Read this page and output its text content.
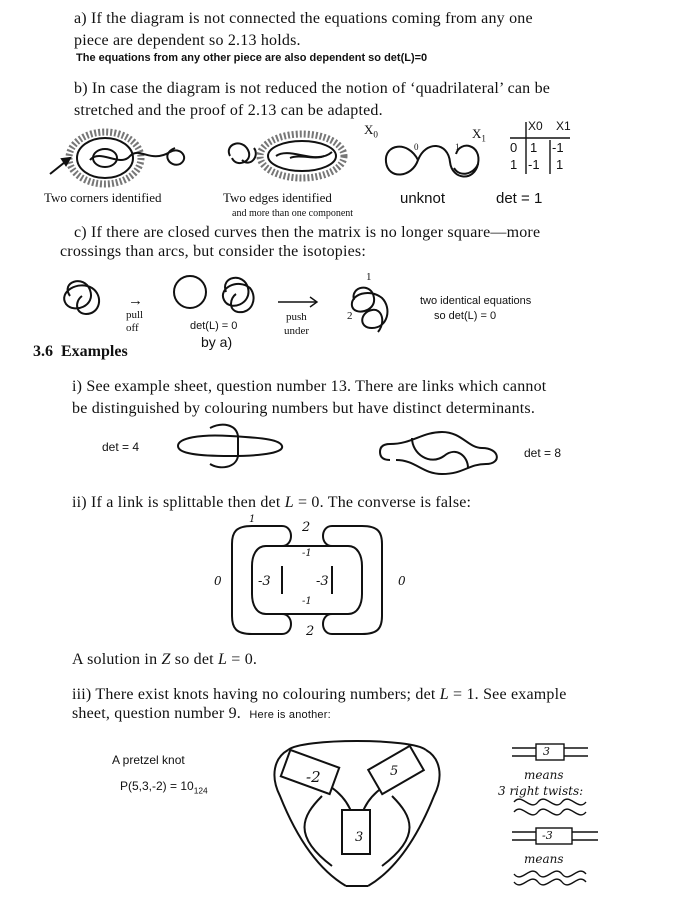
a) If the diagram is not connected the equations coming from any one
piece are dependent so 2.13 holds.
The equations from any other piece are also dependent so det(L)=0
b) In case the diagram is not reduced the notion of ‘quadrilateral’ can be
stretched and the proof of 2.13 can be adapted.
Two corners identified	Two edges identified
and more than one component
$X_0$	$X_1$
0	1
unknot
X0 X1
0 1 -1
1 -1 1
det = 1
c) If there are closed curves then the matrix is no longer square—more
crossings than arcs, but consider the isotopies:
→
pull
off	det(L) = 0
by a)
push
under
1
2
two identical equations
so det(L) = 0
3.6 Examples
i) See example sheet, question number 13. There are links which cannot
be distinguished by colouring numbers but have distinct determinants.
det = 4	det = 8
ii) If a link is splittable then det L = 0. The converse is false:
1
2
-1
-3	-3
-1
2
0	0
A solution in Z so det L = 0.
iii) There exist knots having no colouring numbers; det L = 1. See example
sheet, question number 9. Here is another:
A pretzel knot
$P(5,3,-2) = 10_{124}$
-2	5
3
3
means
3 right twists:
-3
means
